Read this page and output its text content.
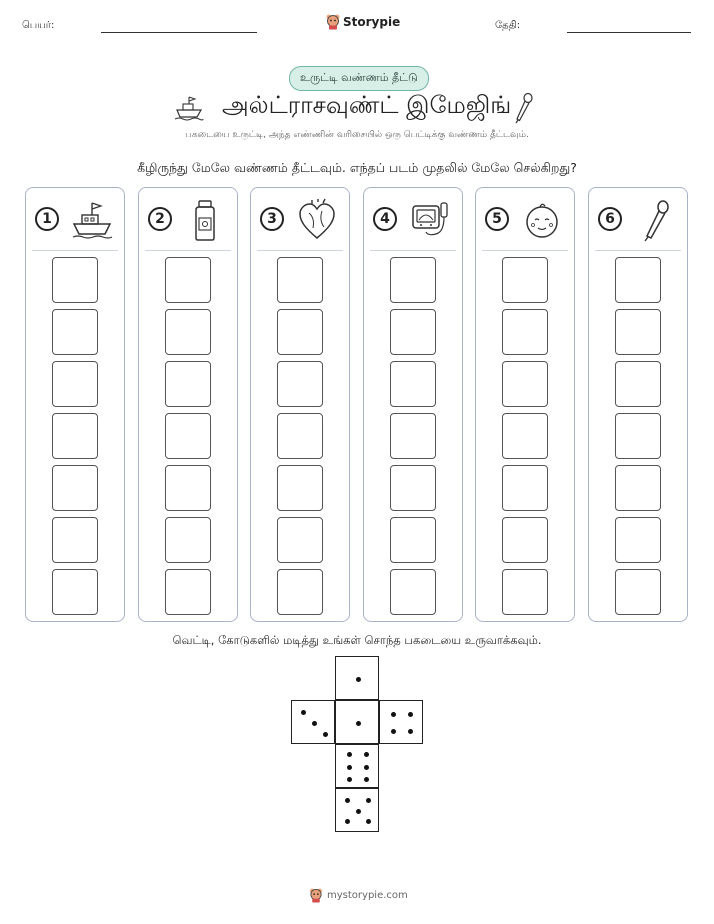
பெயர்:	Storypie	தேதி:
உருட்டி வண்ணம் தீட்டு
அல்ட்ராசவுண்ட் இமேஜிங்
பகடையை உருட்டி, அந்த எண்ணின் வரிசையில் ஒரு பெட்டிக்கு வண்ணம் தீட்டவும்.
கீழிருந்து மேலே வண்ணம் தீட்டவும். எந்தப் படம் முதலில் மேலே செல்கிறது?
1	2	3	4	5	6
வெட்டி, கோடுகளில் மடித்து உங்கள் சொந்த பகடையை உருவாக்கவும்.
mystorypie.com
